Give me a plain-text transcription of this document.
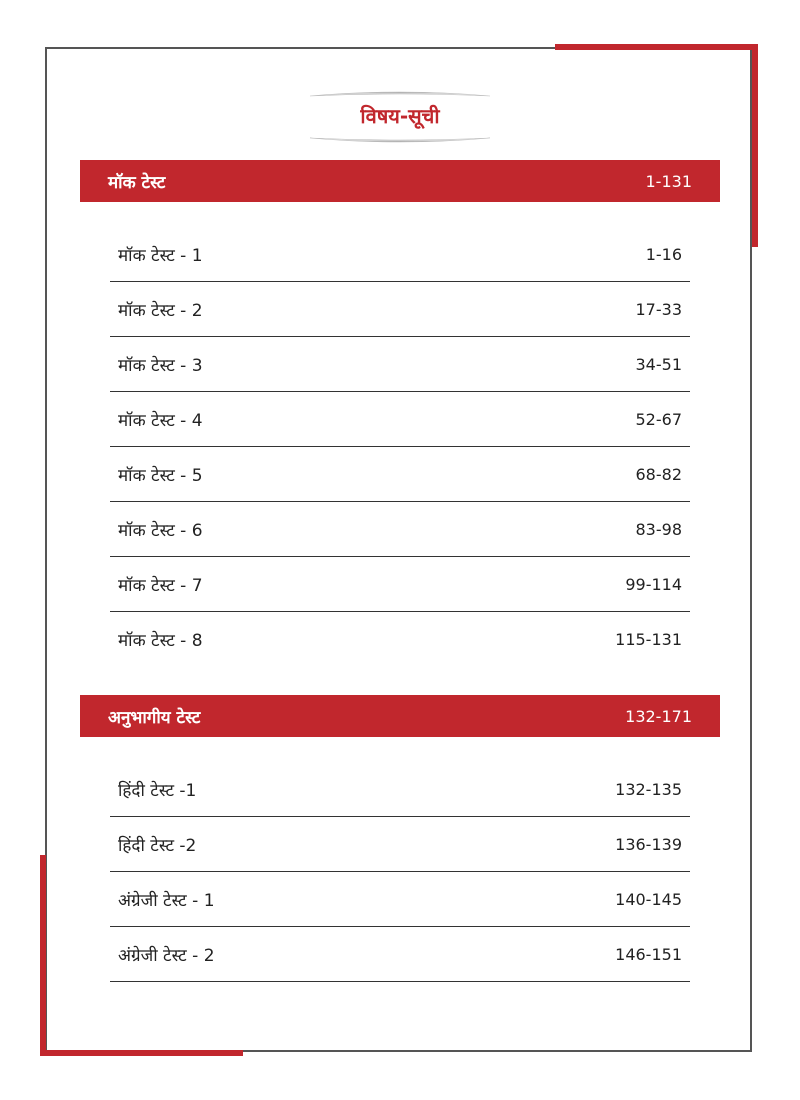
विषय-सूची
मॉक टेस्ट	1-131
मॉक टेस्ट - 1	1-16
मॉक टेस्ट - 2	17-33
मॉक टेस्ट - 3	34-51
मॉक टेस्ट - 4	52-67
मॉक टेस्ट - 5	68-82
मॉक टेस्ट - 6	83-98
मॉक टेस्ट - 7	99-114
मॉक टेस्ट - 8	115-131
अनुभागीय टेस्ट	132-171
हिंदी टेस्ट -1	132-135
हिंदी टेस्ट -2	136-139
अंग्रेजी टेस्ट - 1	140-145
अंग्रेजी टेस्ट - 2	146-151
